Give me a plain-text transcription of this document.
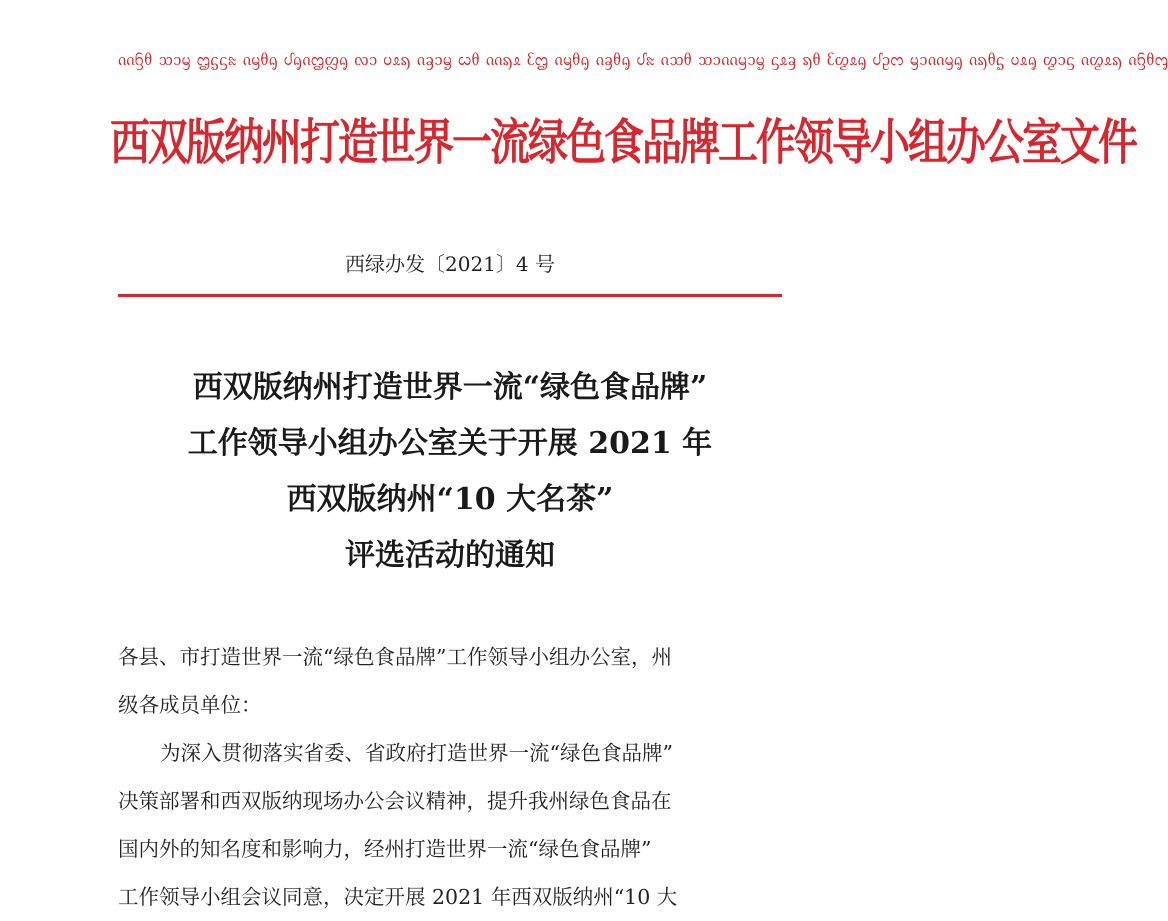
ᦶᦌᦲ ᦉᦱᦙ ᦗᧃᦓᦰ ᦵᦙᦲᧂ ᦔᧂᦵᦗᦜᧂ ᦟᦱ ᦢᦸᦣ ᦵᦃᦱᧄ ᦍᦲ ᦶᦣᦸ ᦷᦗ ᦵᦙᦲᧂ ᦵᦃᦲᧂ ᦔᦰ ᦵᦉᦲ ᦉᦱᦶᦙᦱᧄ ᦓᦸᦃ ᦣᦲ ᦷᦖᦸᧂ ᦔᦳᦂ ᦙᦱᦶᦙᧂ ᦵᦣᦲᧃ ᦢᦸᧂ ᦖᦱᦓ ᦵᦖᦸᦣ ᦵᦌᦲᧅ
西双版纳州打造世界一流绿色食品牌工作领导小组办公室文件
西绿办发〔2021〕4 号
西双版纳州打造世界一流“绿色食品牌”
工作领导小组办公室关于开展 2021 年
西双版纳州“10 大名茶”
评选活动的通知
各县、市打造世界一流“绿色食品牌”工作领导小组办公室，州
级各成员单位：
为深入贯彻落实省委、省政府打造世界一流“绿色食品牌”
决策部署和西双版纳现场办公会议精神，提升我州绿色食品在
国内外的知名度和影响力，经州打造世界一流“绿色食品牌”
工作领导小组会议同意，决定开展 2021 年西双版纳州“10 大
